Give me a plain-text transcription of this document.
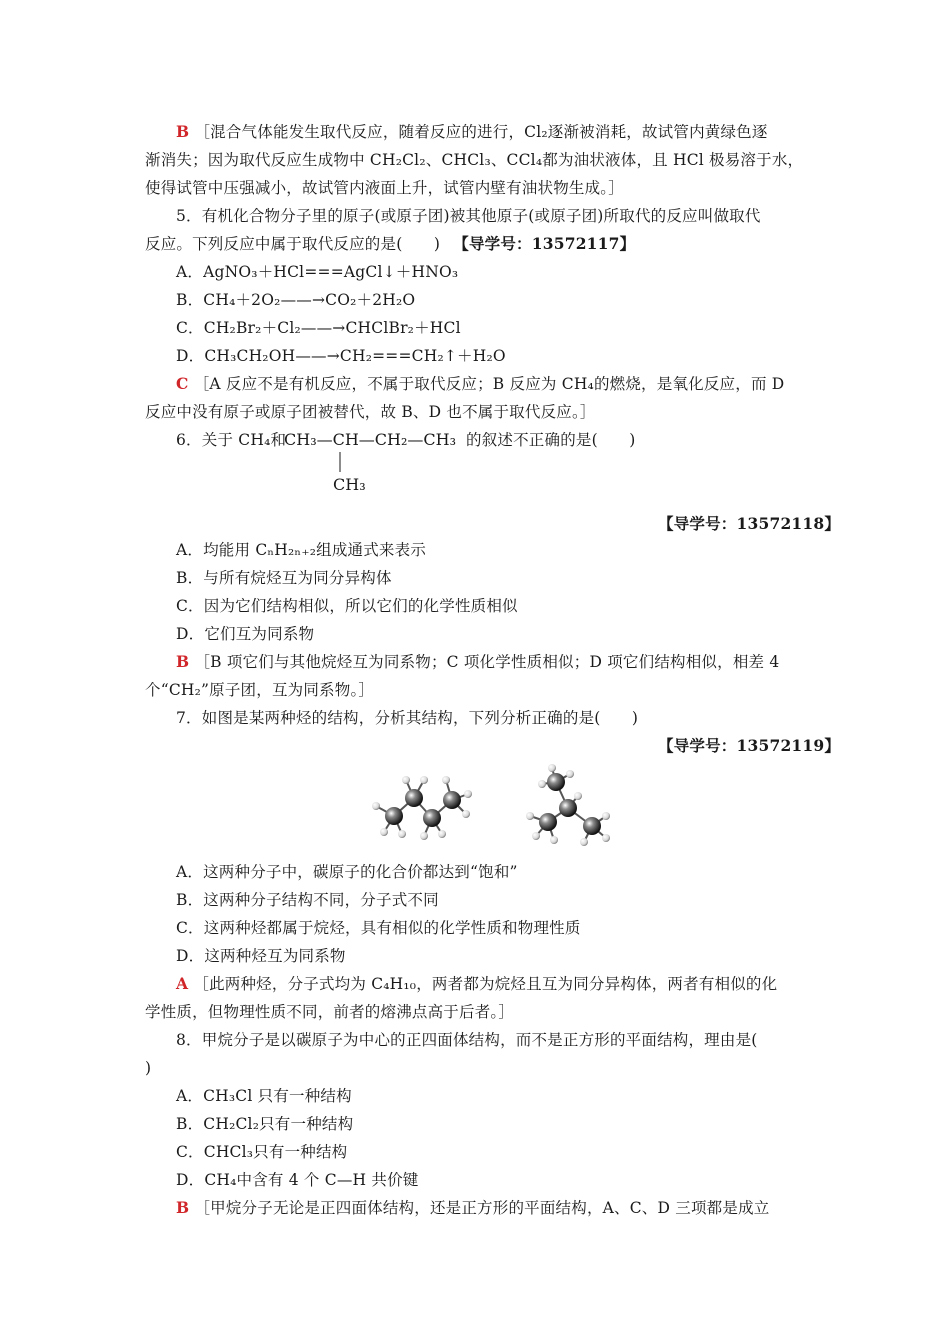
B ［混合气体能发生取代反应，随着反应的进行，Cl₂逐渐被消耗，故试管内黄绿色逐
渐消失；因为取代反应生成物中 CH₂Cl₂、CHCl₃、CCl₄都为油状液体，且 HCl 极易溶于水，
使得试管中压强减小，故试管内液面上升，试管内壁有油状物生成。］
5．有机化合物分子里的原子(或原子团)被其他原子(或原子团)所取代的反应叫做取代
反应。下列反应中属于取代反应的是(　　) 【导学号：13572117】
A．AgNO₃＋HCl===AgCl↓＋HNO₃
B．CH₄＋2O₂——→CO₂＋2H₂O
C．CH₂Br₂＋Cl₂——→CHClBr₂＋HCl
D．CH₃CH₂OH——→CH₂===CH₂↑＋H₂O
C ［A 反应不是有机反应，不属于取代反应；B 反应为 CH₄的燃烧，是氧化反应，而 D
反应中没有原子或原子团被替代，故 B、D 也不属于取代反应。］
6．关于 CH₄和
CH₃—CH—CH₂—CH₃
CH₃
的叙述不正确的是(　　)
【导学号：13572118】
A．均能用 CₙH₂ₙ₊₂组成通式来表示
B．与所有烷烃互为同分异构体
C．因为它们结构相似，所以它们的化学性质相似
D．它们互为同系物
B ［B 项它们与其他烷烃互为同系物；C 项化学性质相似；D 项它们结构相似，相差 4
个“CH₂”原子团，互为同系物。］
7．如图是某两种烃的结构，分析其结构，下列分析正确的是(　　)
【导学号：13572119】
A．这两种分子中，碳原子的化合价都达到“饱和”
B．这两种分子结构不同，分子式不同
C．这两种烃都属于烷烃，具有相似的化学性质和物理性质
D．这两种烃互为同系物
A ［此两种烃，分子式均为 C₄H₁₀，两者都为烷烃且互为同分异构体，两者有相似的化
学性质，但物理性质不同，前者的熔沸点高于后者。］
8．甲烷分子是以碳原子为中心的正四面体结构，而不是正方形的平面结构，理由是(
)
A．CH₃Cl 只有一种结构
B．CH₂Cl₂只有一种结构
C．CHCl₃只有一种结构
D．CH₄中含有 4 个 C—H 共价键
B ［甲烷分子无论是正四面体结构，还是正方形的平面结构，A、C、D 三项都是成立
